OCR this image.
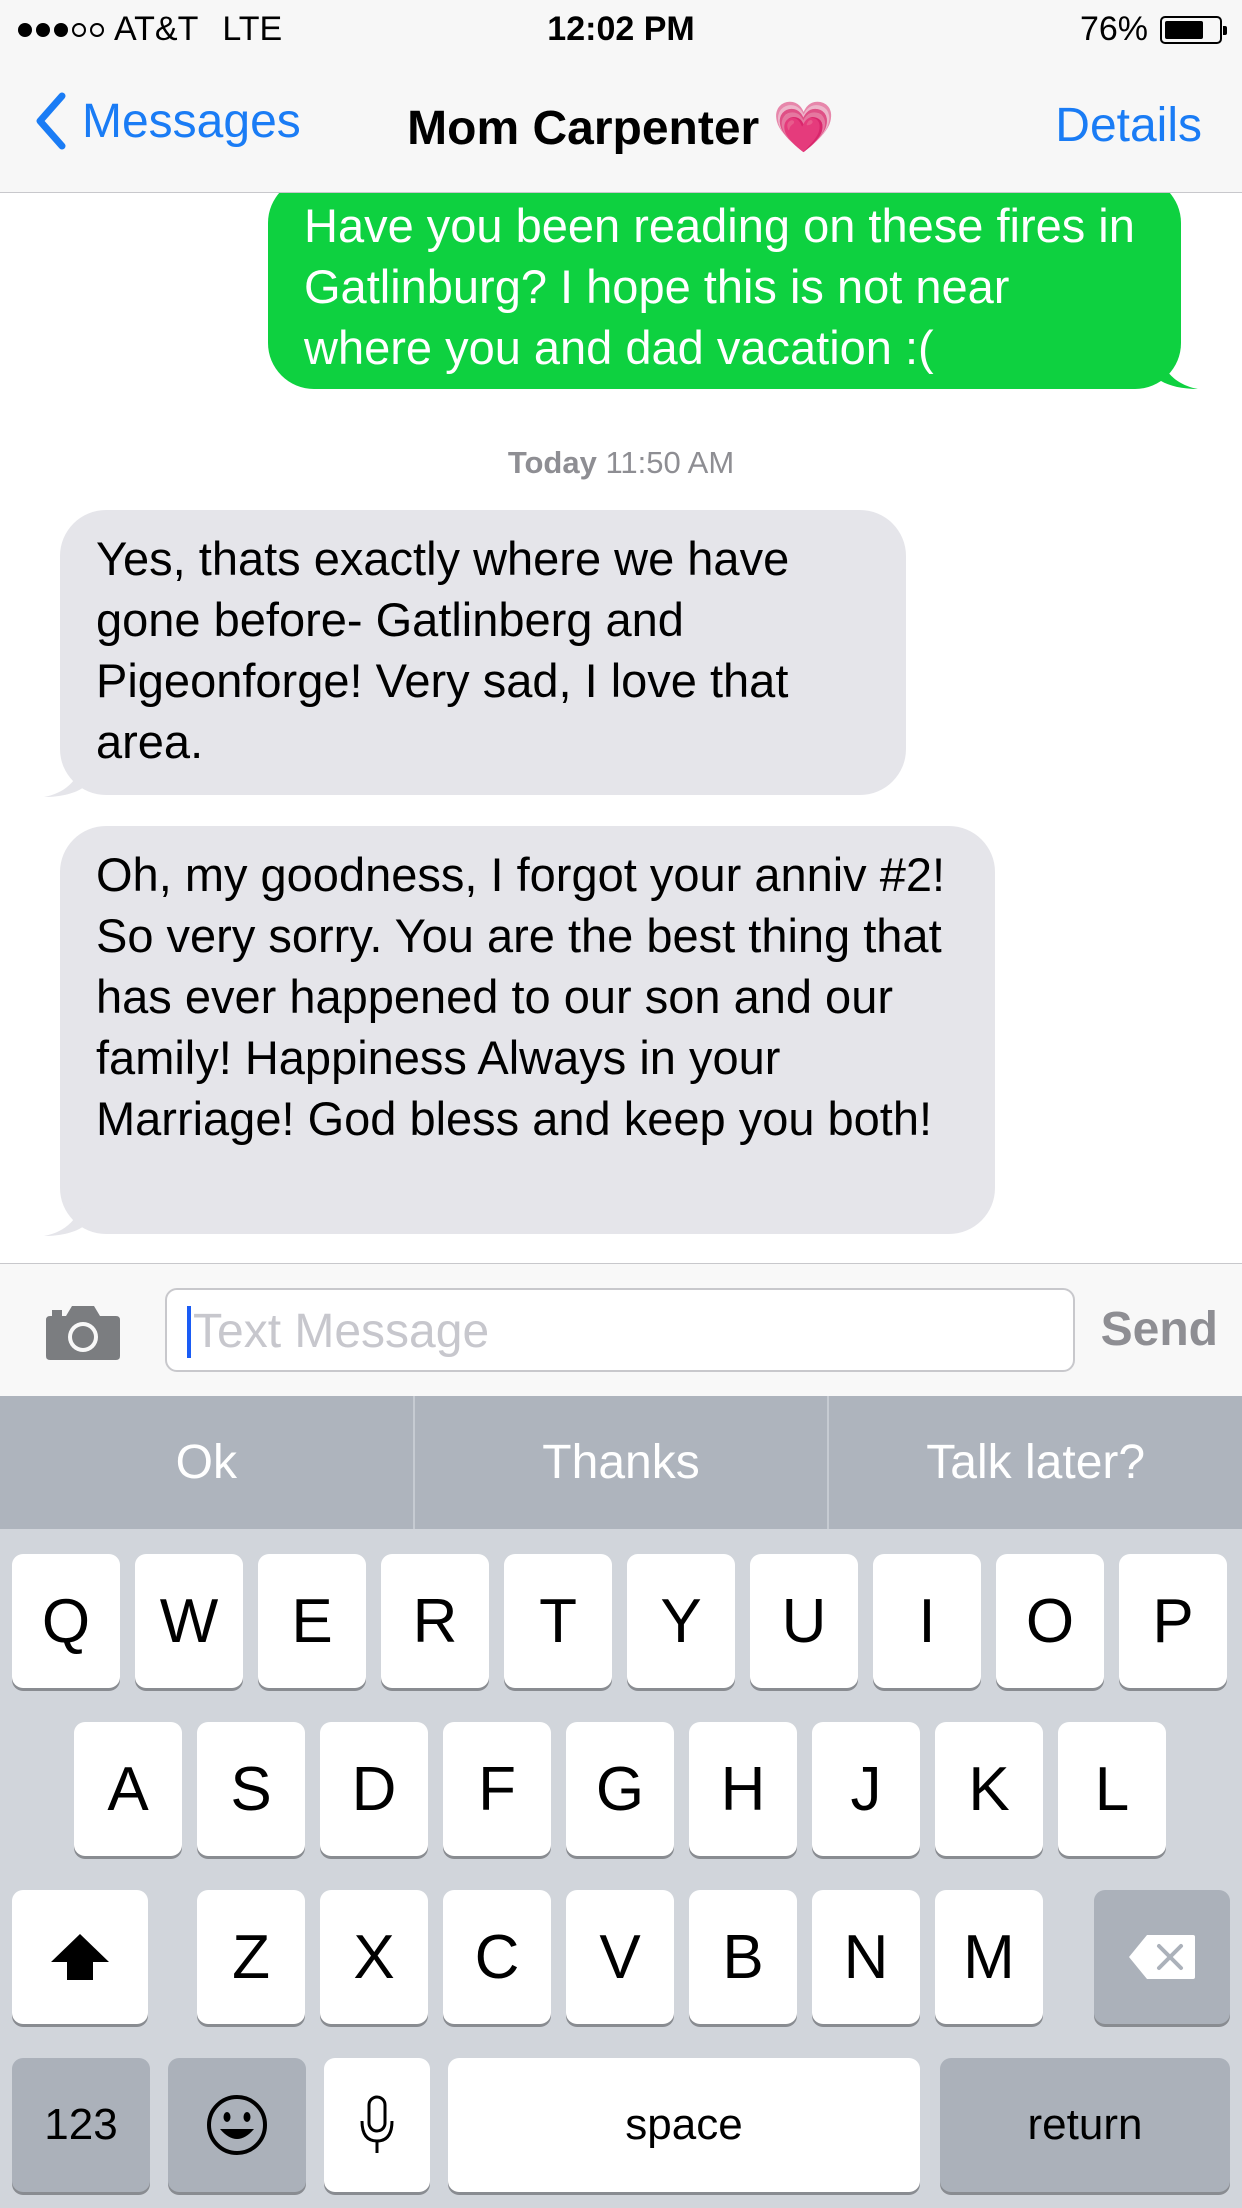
AT&T LTE	12:02 PM	76%
Messages	Mom Carpenter 💗	Details
Have you been reading on these fires in Gatlinburg? I hope this is not near where you and dad vacation :(
Today 11:50 AM
Yes, thats exactly where we have gone before- Gatlinberg and Pigeonforge! Very sad, I love that area.
Oh, my goodness, I forgot your anniv #2! So very sorry. You are the best thing that has ever happened to our son and our family! Happiness Always in your Marriage! God bless and keep you both!
Text Message	Send
Ok	Thanks	Talk later?
Q	W	E	R	T	Y	U	I	O	P
A	S	D	F	G	H	J	K	L
Z	X	C	V	B	N	M
123	space	return
